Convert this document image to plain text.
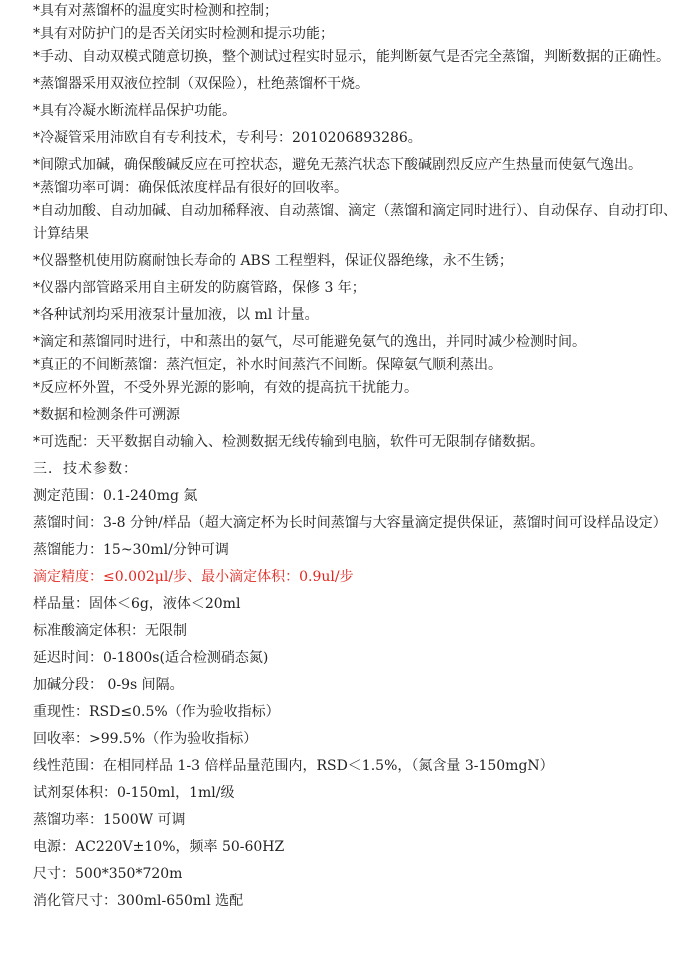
*具有对蒸馏杯的温度实时检测和控制；
*具有对防护门的是否关闭实时检测和提示功能；
*手动、自动双模式随意切换，整个测试过程实时显示，能判断氨气是否完全蒸馏，判断数据的正确性。
*蒸馏器采用双液位控制（双保险），杜绝蒸馏杯干烧。
*具有冷凝水断流样品保护功能。
*冷凝管采用沛欧自有专利技术，专利号：2010206893286。
*间隙式加碱，确保酸碱反应在可控状态，避免无蒸汽状态下酸碱剧烈反应产生热量而使氨气逸出。
*蒸馏功率可调：确保低浓度样品有很好的回收率。
*自动加酸、自动加碱、自动加稀释液、自动蒸馏、滴定（蒸馏和滴定同时进行）、自动保存、自动打印、计算结果
*仪器整机使用防腐耐蚀长寿命的 ABS 工程塑料，保证仪器绝缘，永不生锈；
*仪器内部管路采用自主研发的防腐管路，保修 3 年；
*各种试剂均采用液泵计量加液，以 ml 计量。
*滴定和蒸馏同时进行，中和蒸出的氨气，尽可能避免氨气的逸出，并同时减少检测时间。
*真正的不间断蒸馏：蒸汽恒定，补水时间蒸汽不间断。保障氨气顺利蒸出。
*反应杯外置，不受外界光源的影响，有效的提高抗干扰能力。
*数据和检测条件可溯源
*可选配：天平数据自动输入、检测数据无线传输到电脑，软件可无限制存储数据。
三．技术参数：
测定范围：0.1-240mg 氮
蒸馏时间：3-8 分钟/样品（超大滴定杯为长时间蒸馏与大容量滴定提供保证，蒸馏时间可设样品设定）
蒸馏能力：15~30ml/分钟可调
滴定精度：≤0.002μl/步、最小滴定体积：0.9ul/步
样品量：固体＜6g，液体＜20ml
标准酸滴定体积：无限制
延迟时间：0-1800s(适合检测硝态氮)
加碱分段： 0-9s 间隔。
重现性：RSD≤0.5%（作为验收指标）
回收率：>99.5%（作为验收指标）
线性范围：在相同样品 1-3 倍样品量范围内，RSD＜1.5%，（氮含量 3-150mgN）
试剂泵体积：0-150ml，1ml/级
蒸馏功率：1500W 可调
电源：AC220V±10%，频率 50-60HZ
尺寸：500*350*720m
消化管尺寸：300ml-650ml 选配
